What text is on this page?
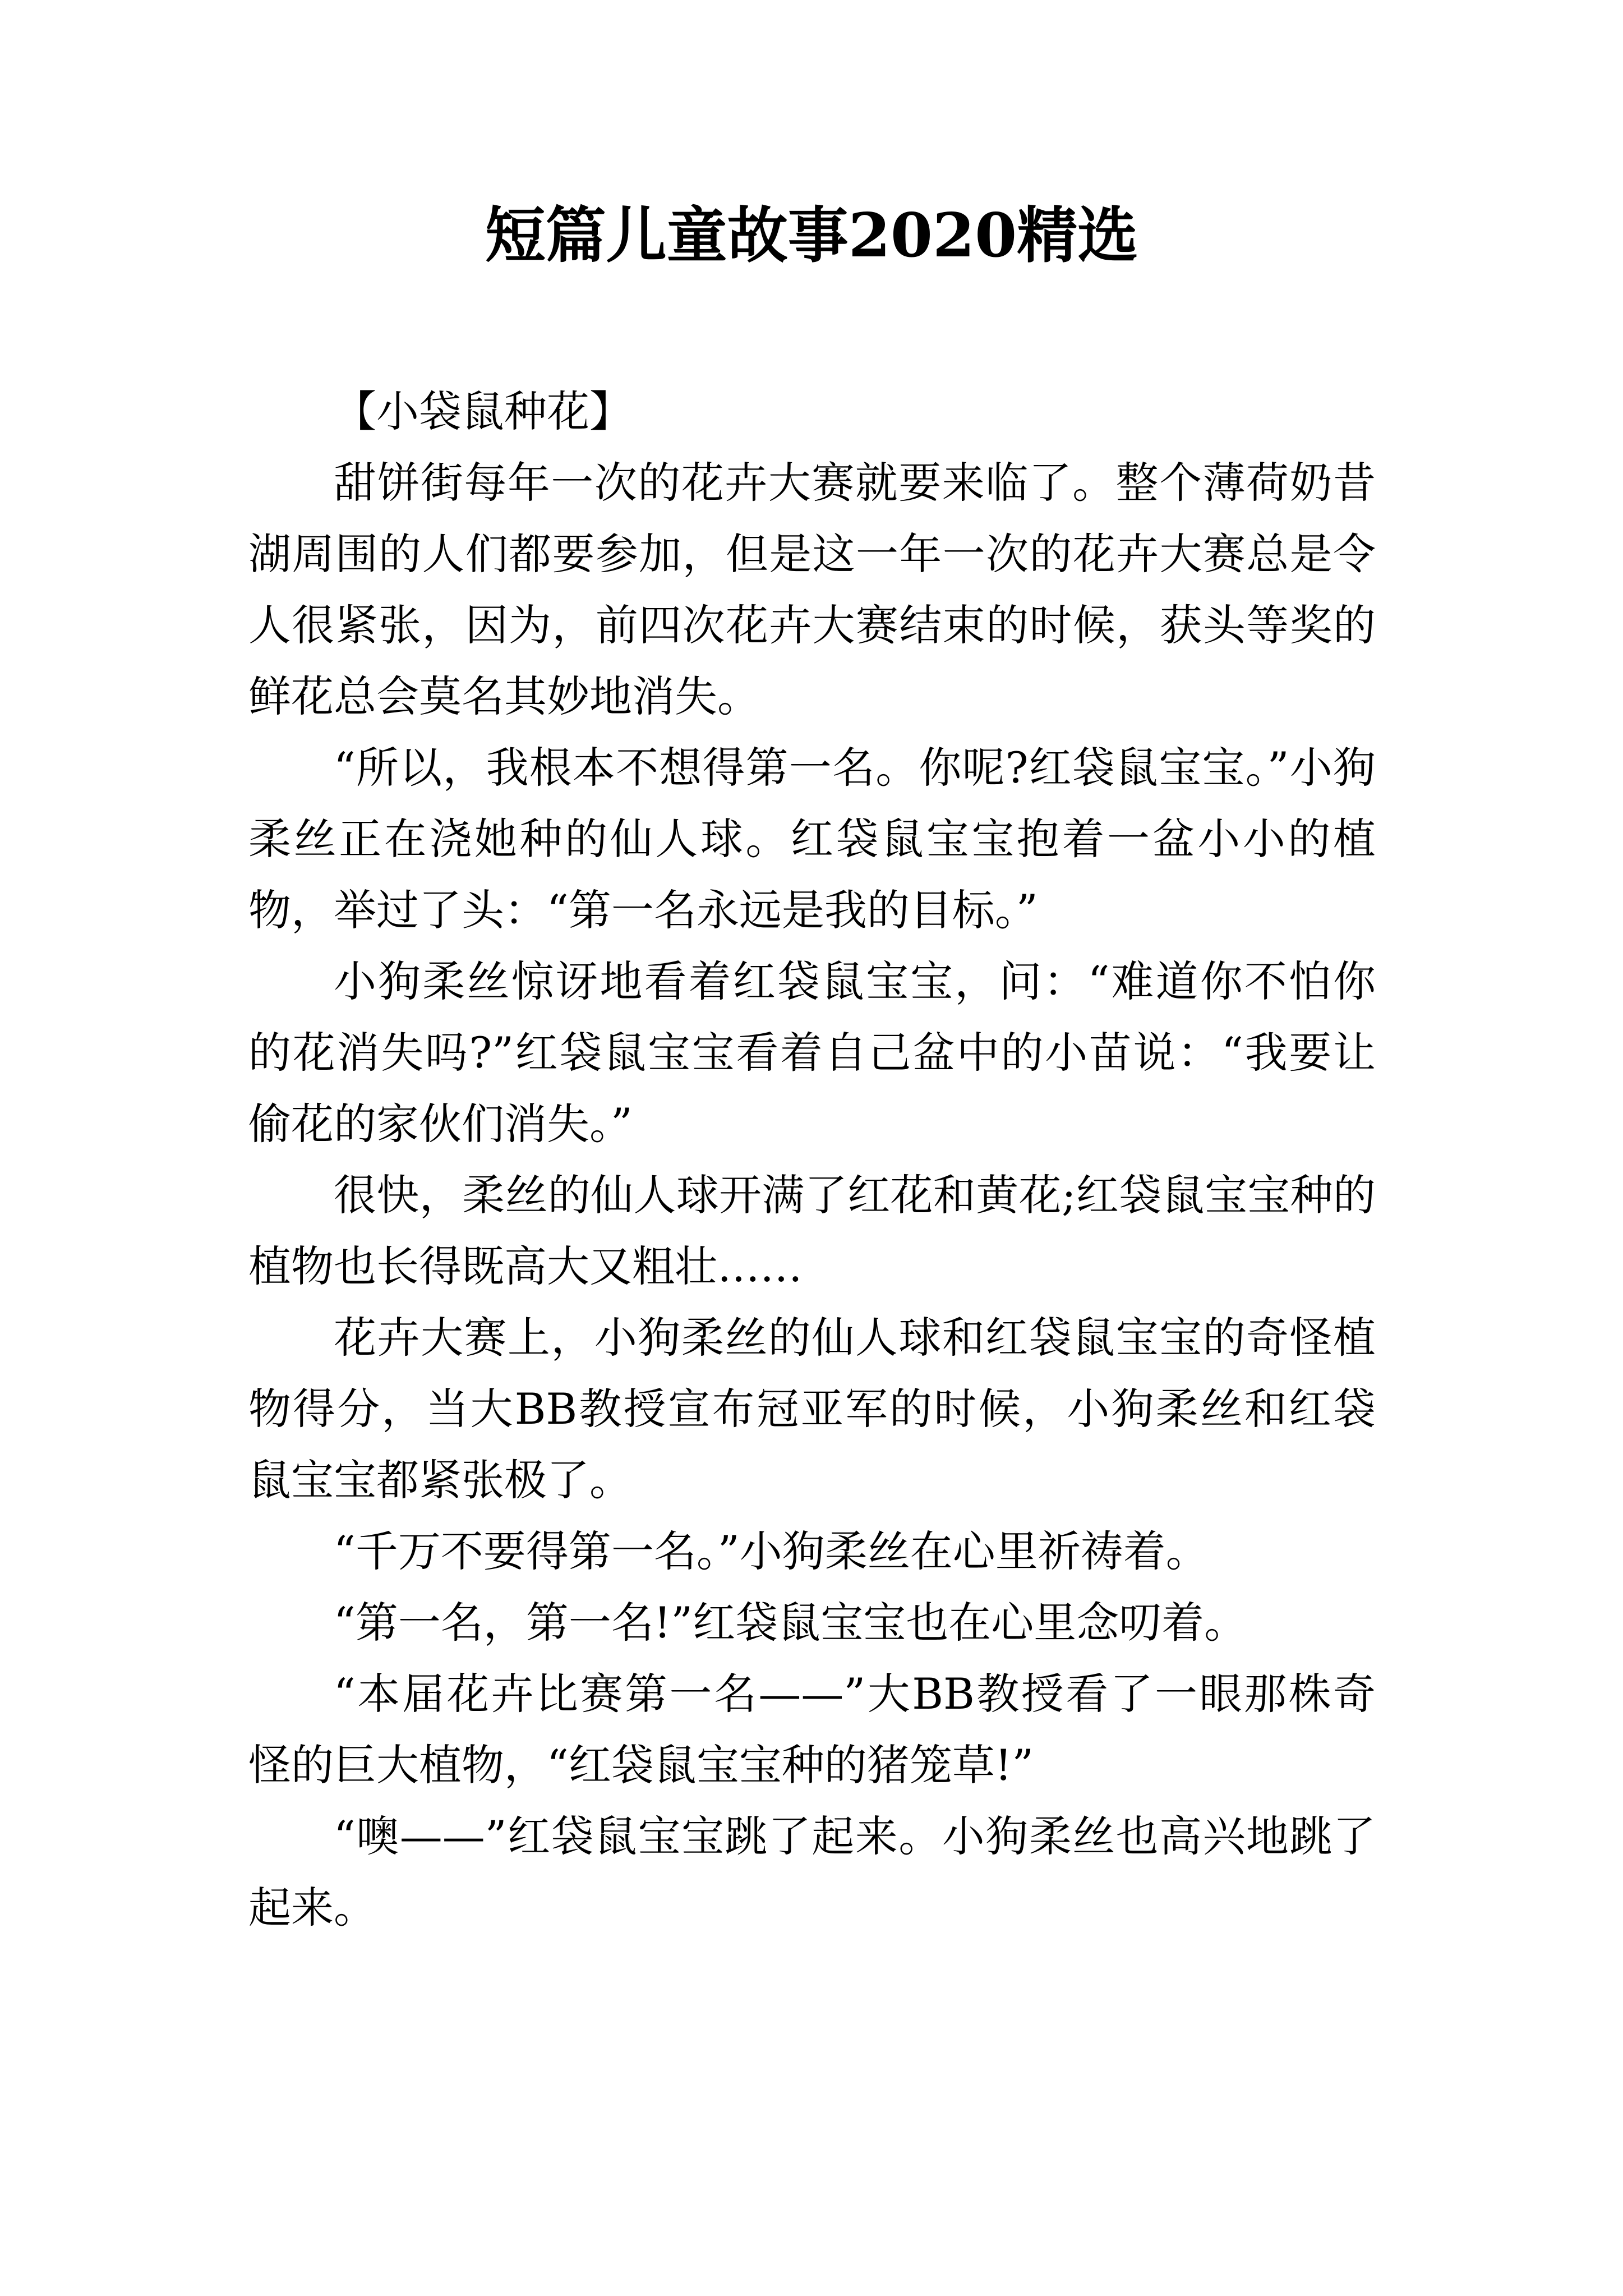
短篇儿童故事2020精选

【小袋鼠种花】

甜饼街每年一次的花卉大赛就要来临了。整个薄荷奶昔湖周围的人们都要参加，但是这一年一次的花卉大赛总是令人很紧张，因为，前四次花卉大赛结束的时候，获头等奖的鲜花总会莫名其妙地消失。

“所以，我根本不想得第一名。你呢?红袋鼠宝宝。”小狗柔丝正在浇她种的仙人球。红袋鼠宝宝抱着一盆小小的植物，举过了头：“第一名永远是我的目标。”

小狗柔丝惊讶地看着红袋鼠宝宝，问：“难道你不怕你的花消失吗?”红袋鼠宝宝看着自己盆中的小苗说：“我要让偷花的家伙们消失。”

很快，柔丝的仙人球开满了红花和黄花;红袋鼠宝宝种的植物也长得既高大又粗壮……

花卉大赛上，小狗柔丝的仙人球和红袋鼠宝宝的奇怪植物得分，当大BB教授宣布冠亚军的时候，小狗柔丝和红袋鼠宝宝都紧张极了。

“千万不要得第一名。”小狗柔丝在心里祈祷着。

“第一名，第一名!”红袋鼠宝宝也在心里念叨着。

“本届花卉比赛第一名——”大BB教授看了一眼那株奇怪的巨大植物，“红袋鼠宝宝种的猪笼草!”

“噢——”红袋鼠宝宝跳了起来。小狗柔丝也高兴地跳了起来。
